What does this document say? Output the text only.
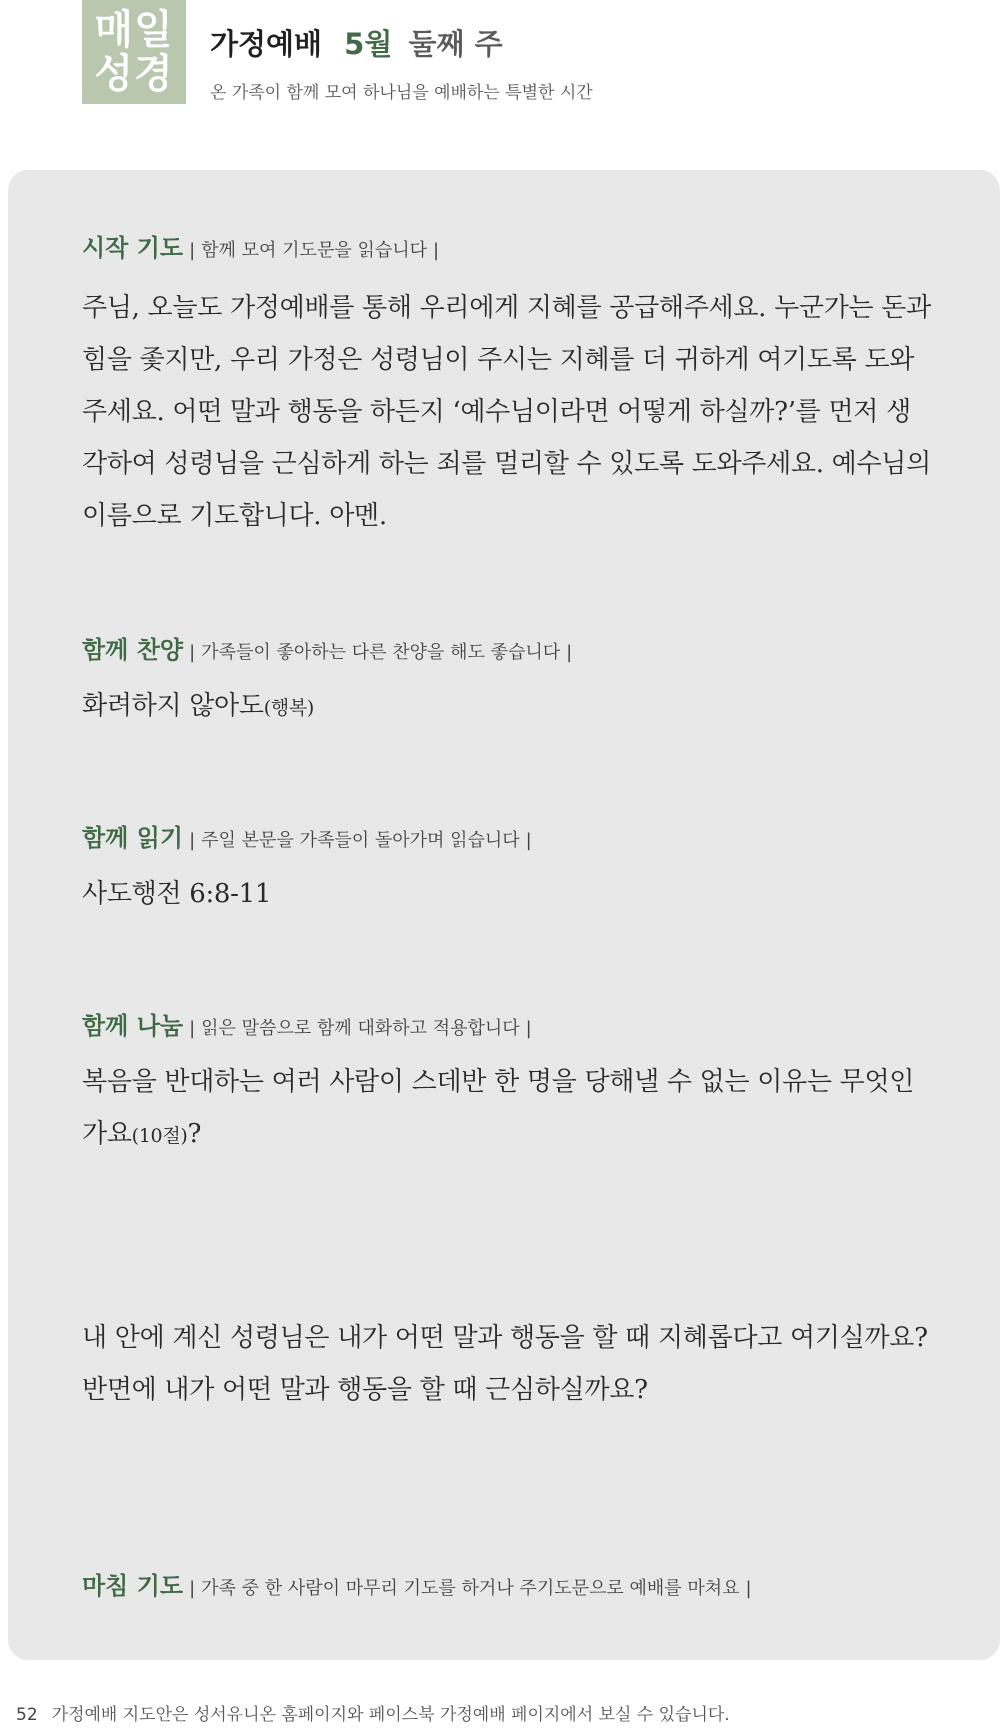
매일
성경
가정예배 5월 둘째 주
온 가족이 함께 모여 하나님을 예배하는 특별한 시간
시작 기도 | 함께 모여 기도문을 읽습니다 |
주님, 오늘도 가정예배를 통해 우리에게 지혜를 공급해주세요. 누군가는 돈과 힘을 좇지만, 우리 가정은 성령님이 주시는 지혜를 더 귀하게 여기도록 도와주세요. 어떤 말과 행동을 하든지 ‘예수님이라면 어떻게 하실까?’를 먼저 생각하여 성령님을 근심하게 하는 죄를 멀리할 수 있도록 도와주세요. 예수님의 이름으로 기도합니다. 아멘.
함께 찬양 | 가족들이 좋아하는 다른 찬양을 해도 좋습니다 |
화려하지 않아도(행복)
함께 읽기 | 주일 본문을 가족들이 돌아가며 읽습니다 |
사도행전 6:8-11
함께 나눔 | 읽은 말씀으로 함께 대화하고 적용합니다 |
복음을 반대하는 여러 사람이 스데반 한 명을 당해낼 수 없는 이유는 무엇인가요(10절)?
내 안에 계신 성령님은 내가 어떤 말과 행동을 할 때 지혜롭다고 여기실까요? 반면에 내가 어떤 말과 행동을 할 때 근심하실까요?
마침 기도 | 가족 중 한 사람이 마무리 기도를 하거나 주기도문으로 예배를 마쳐요 |
52 가정예배 지도안은 성서유니온 홈페이지와 페이스북 가정예배 페이지에서 보실 수 있습니다.
